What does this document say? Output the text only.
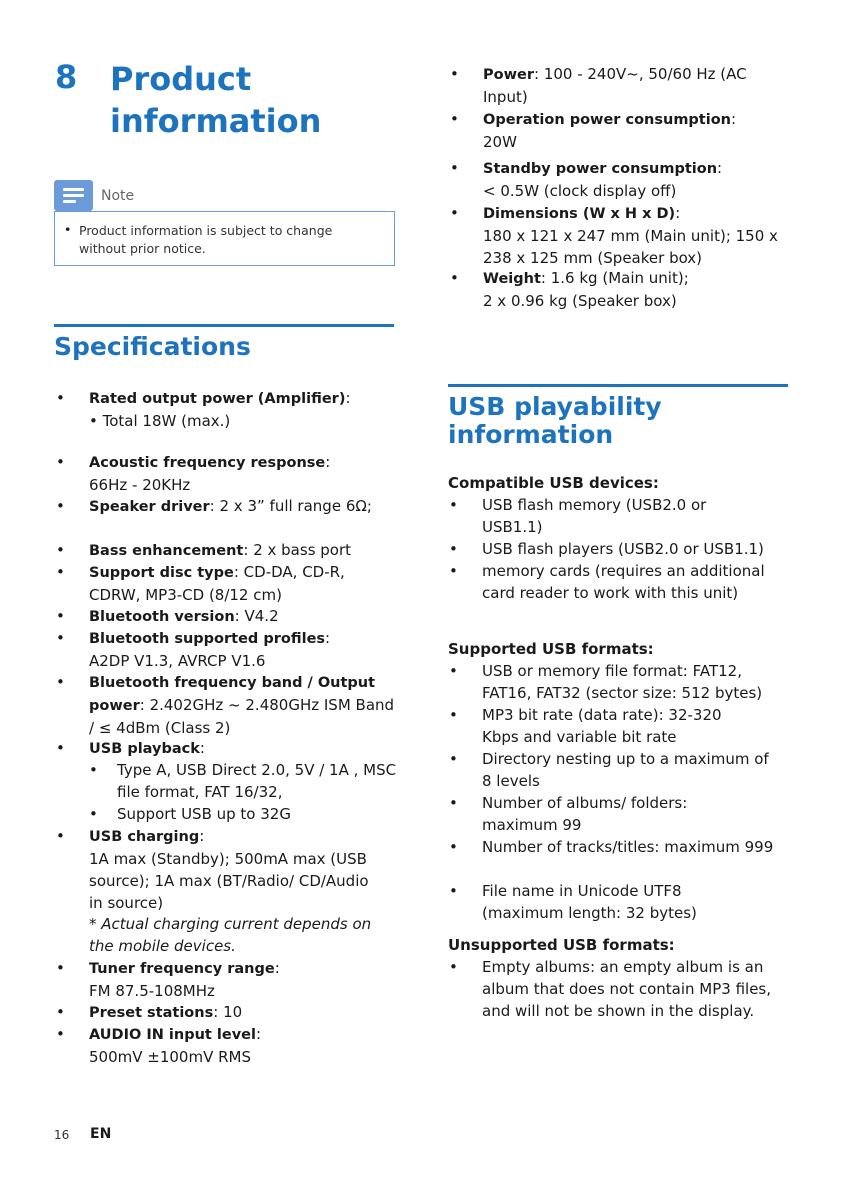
8 Product information
Note
• Product information is subject to change without prior notice.
Specifications
• Rated output power (Amplifier):
• Total 18W (max.)
• Acoustic frequency response:
66Hz - 20KHz
• Speaker driver: 2 x 3” full range 6Ω;
• Bass enhancement: 2 x bass port
• Support disc type: CD-DA, CD-R, CDRW, MP3-CD (8/12 cm)
• Bluetooth version: V4.2
• Bluetooth supported profiles:
A2DP V1.3, AVRCP V1.6
• Bluetooth frequency band / Output power: 2.402GHz ~ 2.480GHz ISM Band / ≤ 4dBm (Class 2)
• USB playback:
• Type A, USB Direct 2.0, 5V / 1A , MSC file format, FAT 16/32,
• Support USB up to 32G
• USB charging:
1A max (Standby); 500mA max (USB source); 1A max (BT/Radio/ CD/Audio in source)
* Actual charging current depends on the mobile devices.
• Tuner frequency range:
FM 87.5-108MHz
• Preset stations: 10
• AUDIO IN input level:
500mV ±100mV RMS
• Power: 100 - 240V~, 50/60 Hz (AC Input)
• Operation power consumption:
20W
• Standby power consumption:
< 0.5W (clock display off)
• Dimensions (W x H x D):
180 x 121 x 247 mm (Main unit); 150 x 238 x 125 mm (Speaker box)
• Weight: 1.6 kg (Main unit); 2 x 0.96 kg (Speaker box)
USB playability information
Compatible USB devices:
• USB flash memory (USB2.0 or USB1.1)
• USB flash players (USB2.0 or USB1.1)
• memory cards (requires an additional card reader to work with this unit)
Supported USB formats:
• USB or memory file format: FAT12, FAT16, FAT32 (sector size: 512 bytes)
• MP3 bit rate (data rate): 32-320 Kbps and variable bit rate
• Directory nesting up to a maximum of 8 levels
• Number of albums/ folders: maximum 99
• Number of tracks/titles: maximum 999
• File name in Unicode UTF8 (maximum length: 32 bytes)
Unsupported USB formats:
• Empty albums: an empty album is an album that does not contain MP3 files, and will not be shown in the display.
16 EN
